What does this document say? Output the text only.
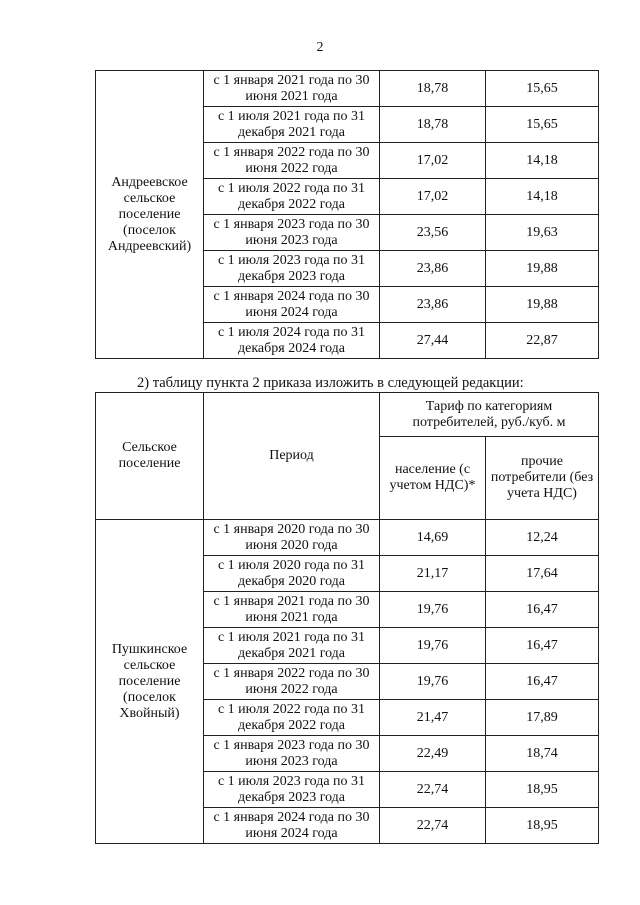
2
Андреевское сельское поселение (поселок Андреевский)	с 1 января 2021 года по 30 июня 2021 года	18,78	15,65
	с 1 июля 2021 года по 31 декабря 2021 года	18,78	15,65
	с 1 января 2022 года по 30 июня 2022 года	17,02	14,18
	с 1 июля 2022 года по 31 декабря 2022 года	17,02	14,18
	с 1 января 2023 года по 30 июня 2023 года	23,56	19,63
	с 1 июля 2023 года по 31 декабря 2023 года	23,86	19,88
	с 1 января 2024 года по 30 июня 2024 года	23,86	19,88
	с 1 июля 2024 года по 31 декабря 2024 года	27,44	22,87
2) таблицу пункта 2 приказа изложить в следующей редакции:
Сельское поселение	Период	Тариф по категориям потребителей, руб./куб. м	
		население (с учетом НДС)*	прочие потребители (без учета НДС)
Пушкинское сельское поселение (поселок Хвойный)	с 1 января 2020 года по 30 июня 2020 года	14,69	12,24
	с 1 июля 2020 года по 31 декабря 2020 года	21,17	17,64
	с 1 января 2021 года по 30 июня 2021 года	19,76	16,47
	с 1 июля 2021 года по 31 декабря 2021 года	19,76	16,47
	с 1 января 2022 года по 30 июня 2022 года	19,76	16,47
	с 1 июля 2022 года по 31 декабря 2022 года	21,47	17,89
	с 1 января 2023 года по 30 июня 2023 года	22,49	18,74
	с 1 июля 2023 года по 31 декабря 2023 года	22,74	18,95
	с 1 января 2024 года по 30 июня 2024 года	22,74	18,95
